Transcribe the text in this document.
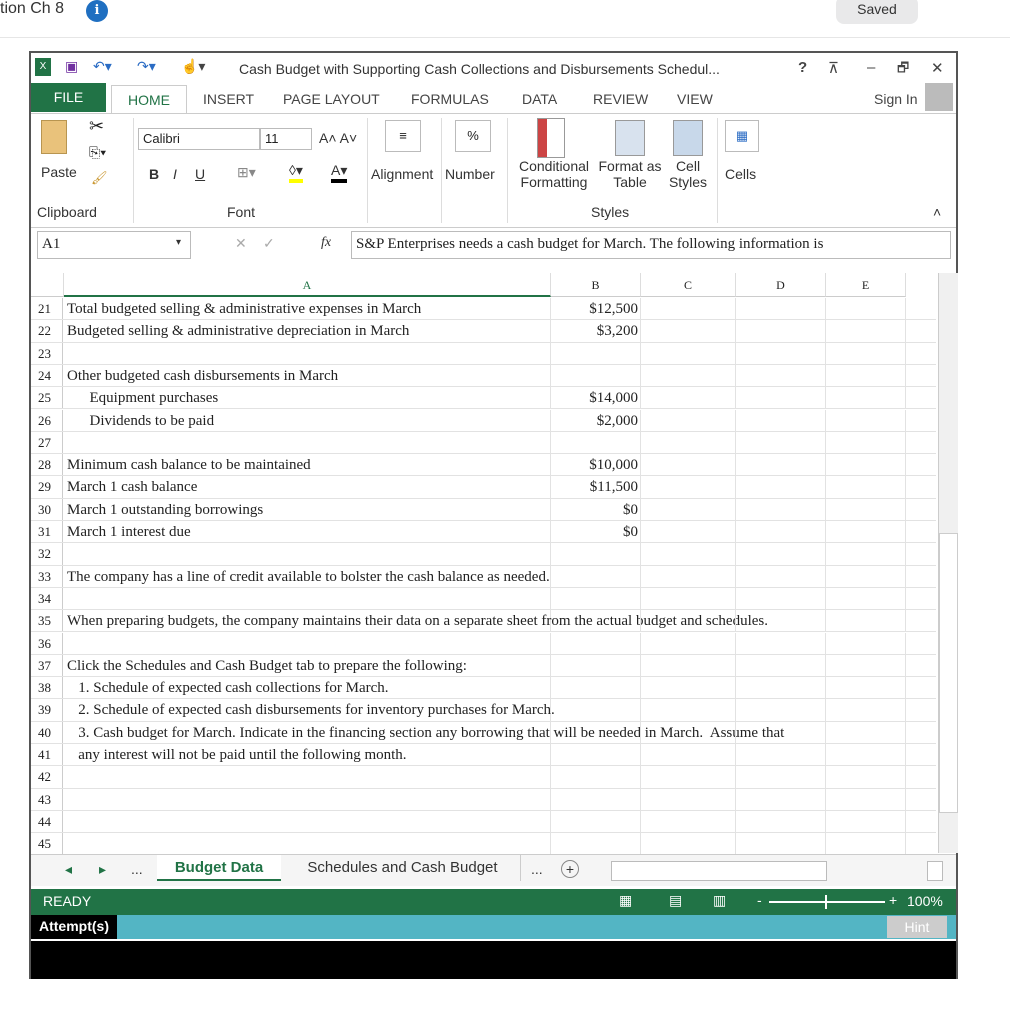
tion Ch 8	i	Saved
X	▣ ↶▾ ↷▾ ☝▾ Cash Budget with Supporting Cash Collections and Disbursements Schedul...	? ⊼ – 🗗 ✕
FILE	HOME	INSERT PAGE LAYOUT FORMULAS DATA	REVIEW VIEW	Sign In
✂
⎘▾
🖌
Paste
Calibri	11	A˄ A˅
B I U ⊞▾ ◊▾ A▾
≡
Alignment
%
Number	Conditional Formatting
Format as Table
Cell Styles
▦
Cells
Clipboard	Font	Styles	˄
A1	▾	✕ ✓	fx	S&P Enterprises needs a cash budget for March. The following information is
A	B	C	D	E
21	Total budgeted selling & administrative expenses in March	$12,500
22	Budgeted selling & administrative depreciation in March	$3,200
23
24	Other budgeted cash disbursements in March
25	Equipment purchases	$14,000
26	Dividends to be paid	$2,000
27
28	Minimum cash balance to be maintained	$10,000
29	March 1 cash balance	$11,500
30	March 1 outstanding borrowings	$0
31	March 1 interest due	$0
32
33	The company has a line of credit available to bolster the cash balance as needed.
34
35	When preparing budgets, the company maintains their data on a separate sheet from the actual budget and schedules.
36
37	Click the Schedules and Cash Budget tab to prepare the following:
38	1. Schedule of expected cash collections for March.
39	2. Schedule of expected cash disbursements for inventory purchases for March.
40	3. Cash budget for March. Indicate in the financing section any borrowing that will be needed in March.  Assume that
41	any interest will not be paid until the following month.
42
43
44
45
◂ ▸ ...	Budget Data	Schedules and Cash Budget	...	+
READY	▦	▤ ▥ -	+ 100%
Attempt(s)	Hint
